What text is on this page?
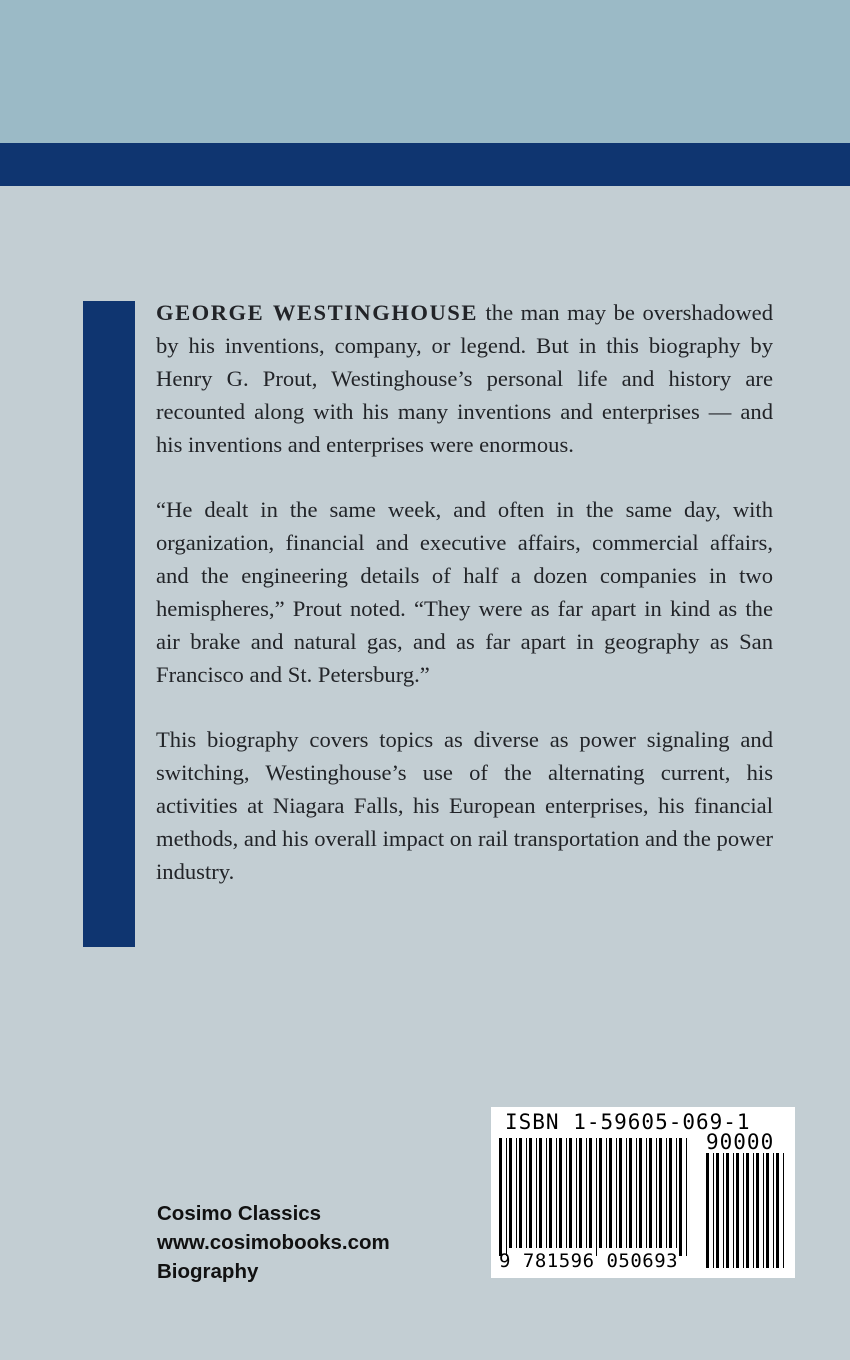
GEORGE WESTINGHOUSE the man may be overshadowed by his inventions, company, or legend. But in this biography by Henry G. Prout, Westinghouse’s personal life and history are recounted along with his many inventions and enterprises — and his inventions and enterprises were enormous.

“He dealt in the same week, and often in the same day, with organization, financial and executive affairs, commercial affairs, and the engineering details of half a dozen companies in two hemispheres,” Prout noted. “They were as far apart in kind as the air brake and natural gas, and as far apart in geography as San Francisco and St. Petersburg.”

This biography covers topics as diverse as power signaling and switching, Westinghouse’s use of the alternating current, his activities at Niagara Falls, his European enterprises, his financial methods, and his overall impact on rail transportation and the power industry.

Cosimo Classics
www.cosimobooks.com
Biography
ISBN 1-59605-069-1
90000
9 781596 050693
